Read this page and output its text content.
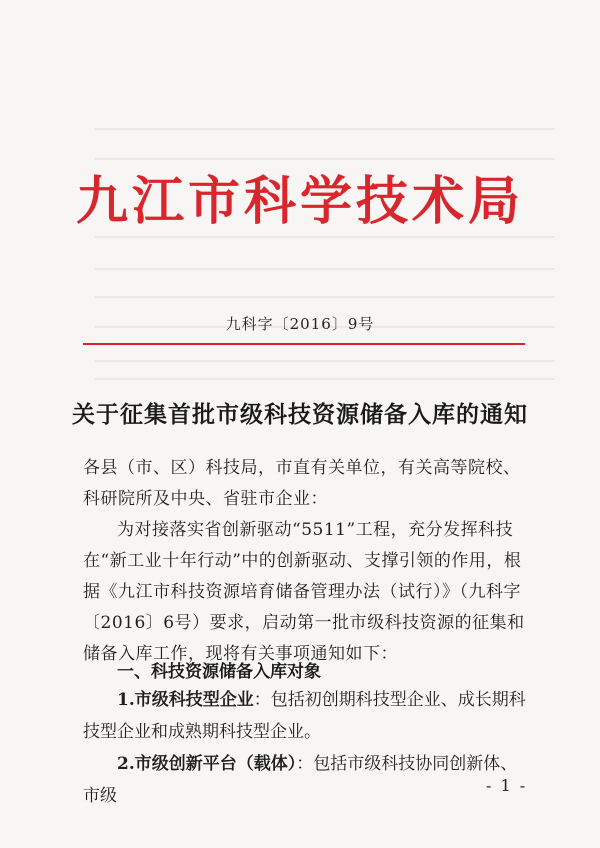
九江市科学技术局
九科字〔2016〕9号
关于征集首批市级科技资源储备入库的通知
各县（市、区）科技局，市直有关单位，有关高等院校、科研院所及中央、省驻市企业：
为对接落实省创新驱动“5511”工程，充分发挥科技在“新工业十年行动”中的创新驱动、支撑引领的作用，根据《九江市科技资源培育储备管理办法（试行）》（九科字〔2016〕6号）要求，启动第一批市级科技资源的征集和储备入库工作，现将有关事项通知如下：
一、科技资源储备入库对象
1.市级科技型企业：包括初创期科技型企业、成长期科技型企业和成熟期科技型企业。
2.市级创新平台（载体）：包括市级科技协同创新体、市级
- 1 -
